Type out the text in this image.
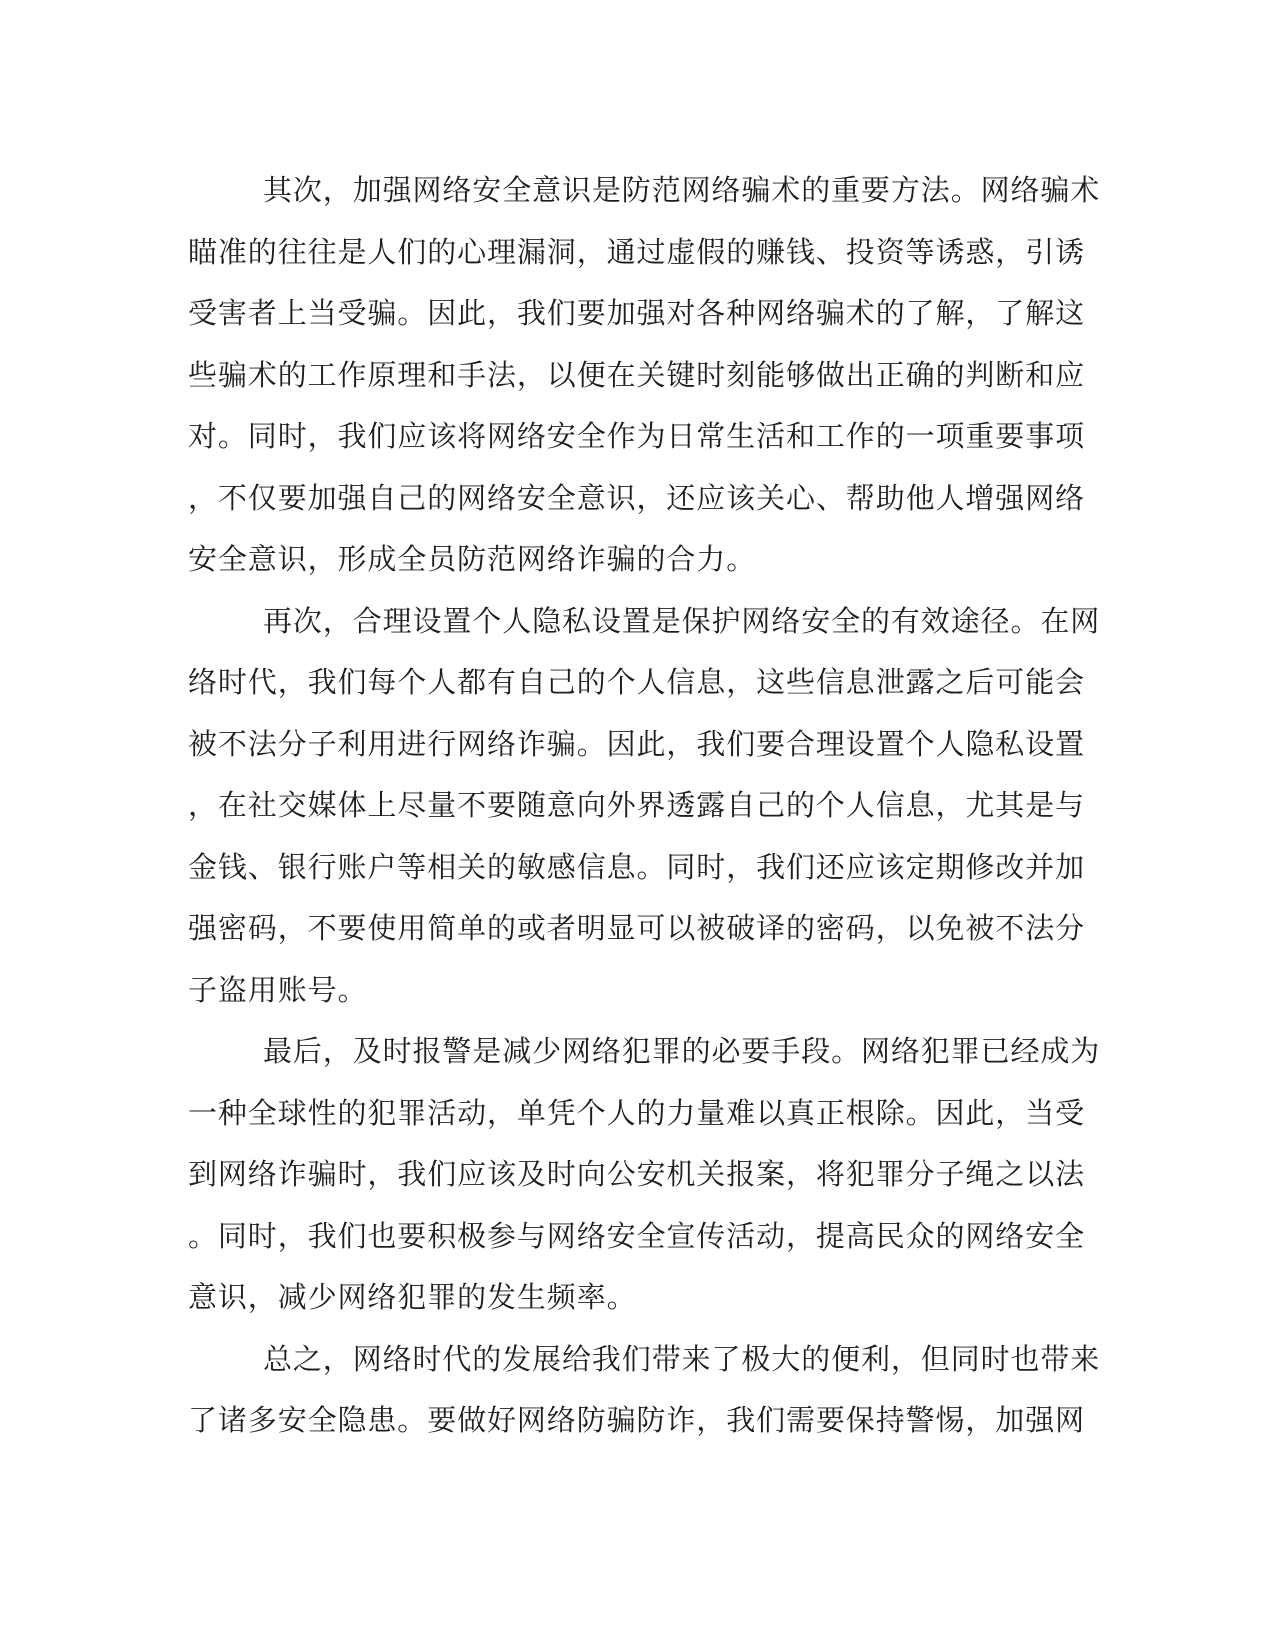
其次，加强网络安全意识是防范网络骗术的重要方法。网络骗术
瞄准的往往是人们的心理漏洞，通过虚假的赚钱、投资等诱惑，引诱
受害者上当受骗。因此，我们要加强对各种网络骗术的了解，了解这
些骗术的工作原理和手法，以便在关键时刻能够做出正确的判断和应
对。同时，我们应该将网络安全作为日常生活和工作的一项重要事项
，不仅要加强自己的网络安全意识，还应该关心、帮助他人增强网络
安全意识，形成全员防范网络诈骗的合力。
再次，合理设置个人隐私设置是保护网络安全的有效途径。在网
络时代，我们每个人都有自己的个人信息，这些信息泄露之后可能会
被不法分子利用进行网络诈骗。因此，我们要合理设置个人隐私设置
，在社交媒体上尽量不要随意向外界透露自己的个人信息，尤其是与
金钱、银行账户等相关的敏感信息。同时，我们还应该定期修改并加
强密码，不要使用简单的或者明显可以被破译的密码，以免被不法分
子盗用账号。
最后，及时报警是减少网络犯罪的必要手段。网络犯罪已经成为
一种全球性的犯罪活动，单凭个人的力量难以真正根除。因此，当受
到网络诈骗时，我们应该及时向公安机关报案，将犯罪分子绳之以法
。同时，我们也要积极参与网络安全宣传活动，提高民众的网络安全
意识，减少网络犯罪的发生频率。
总之，网络时代的发展给我们带来了极大的便利，但同时也带来
了诸多安全隐患。要做好网络防骗防诈，我们需要保持警惕，加强网
